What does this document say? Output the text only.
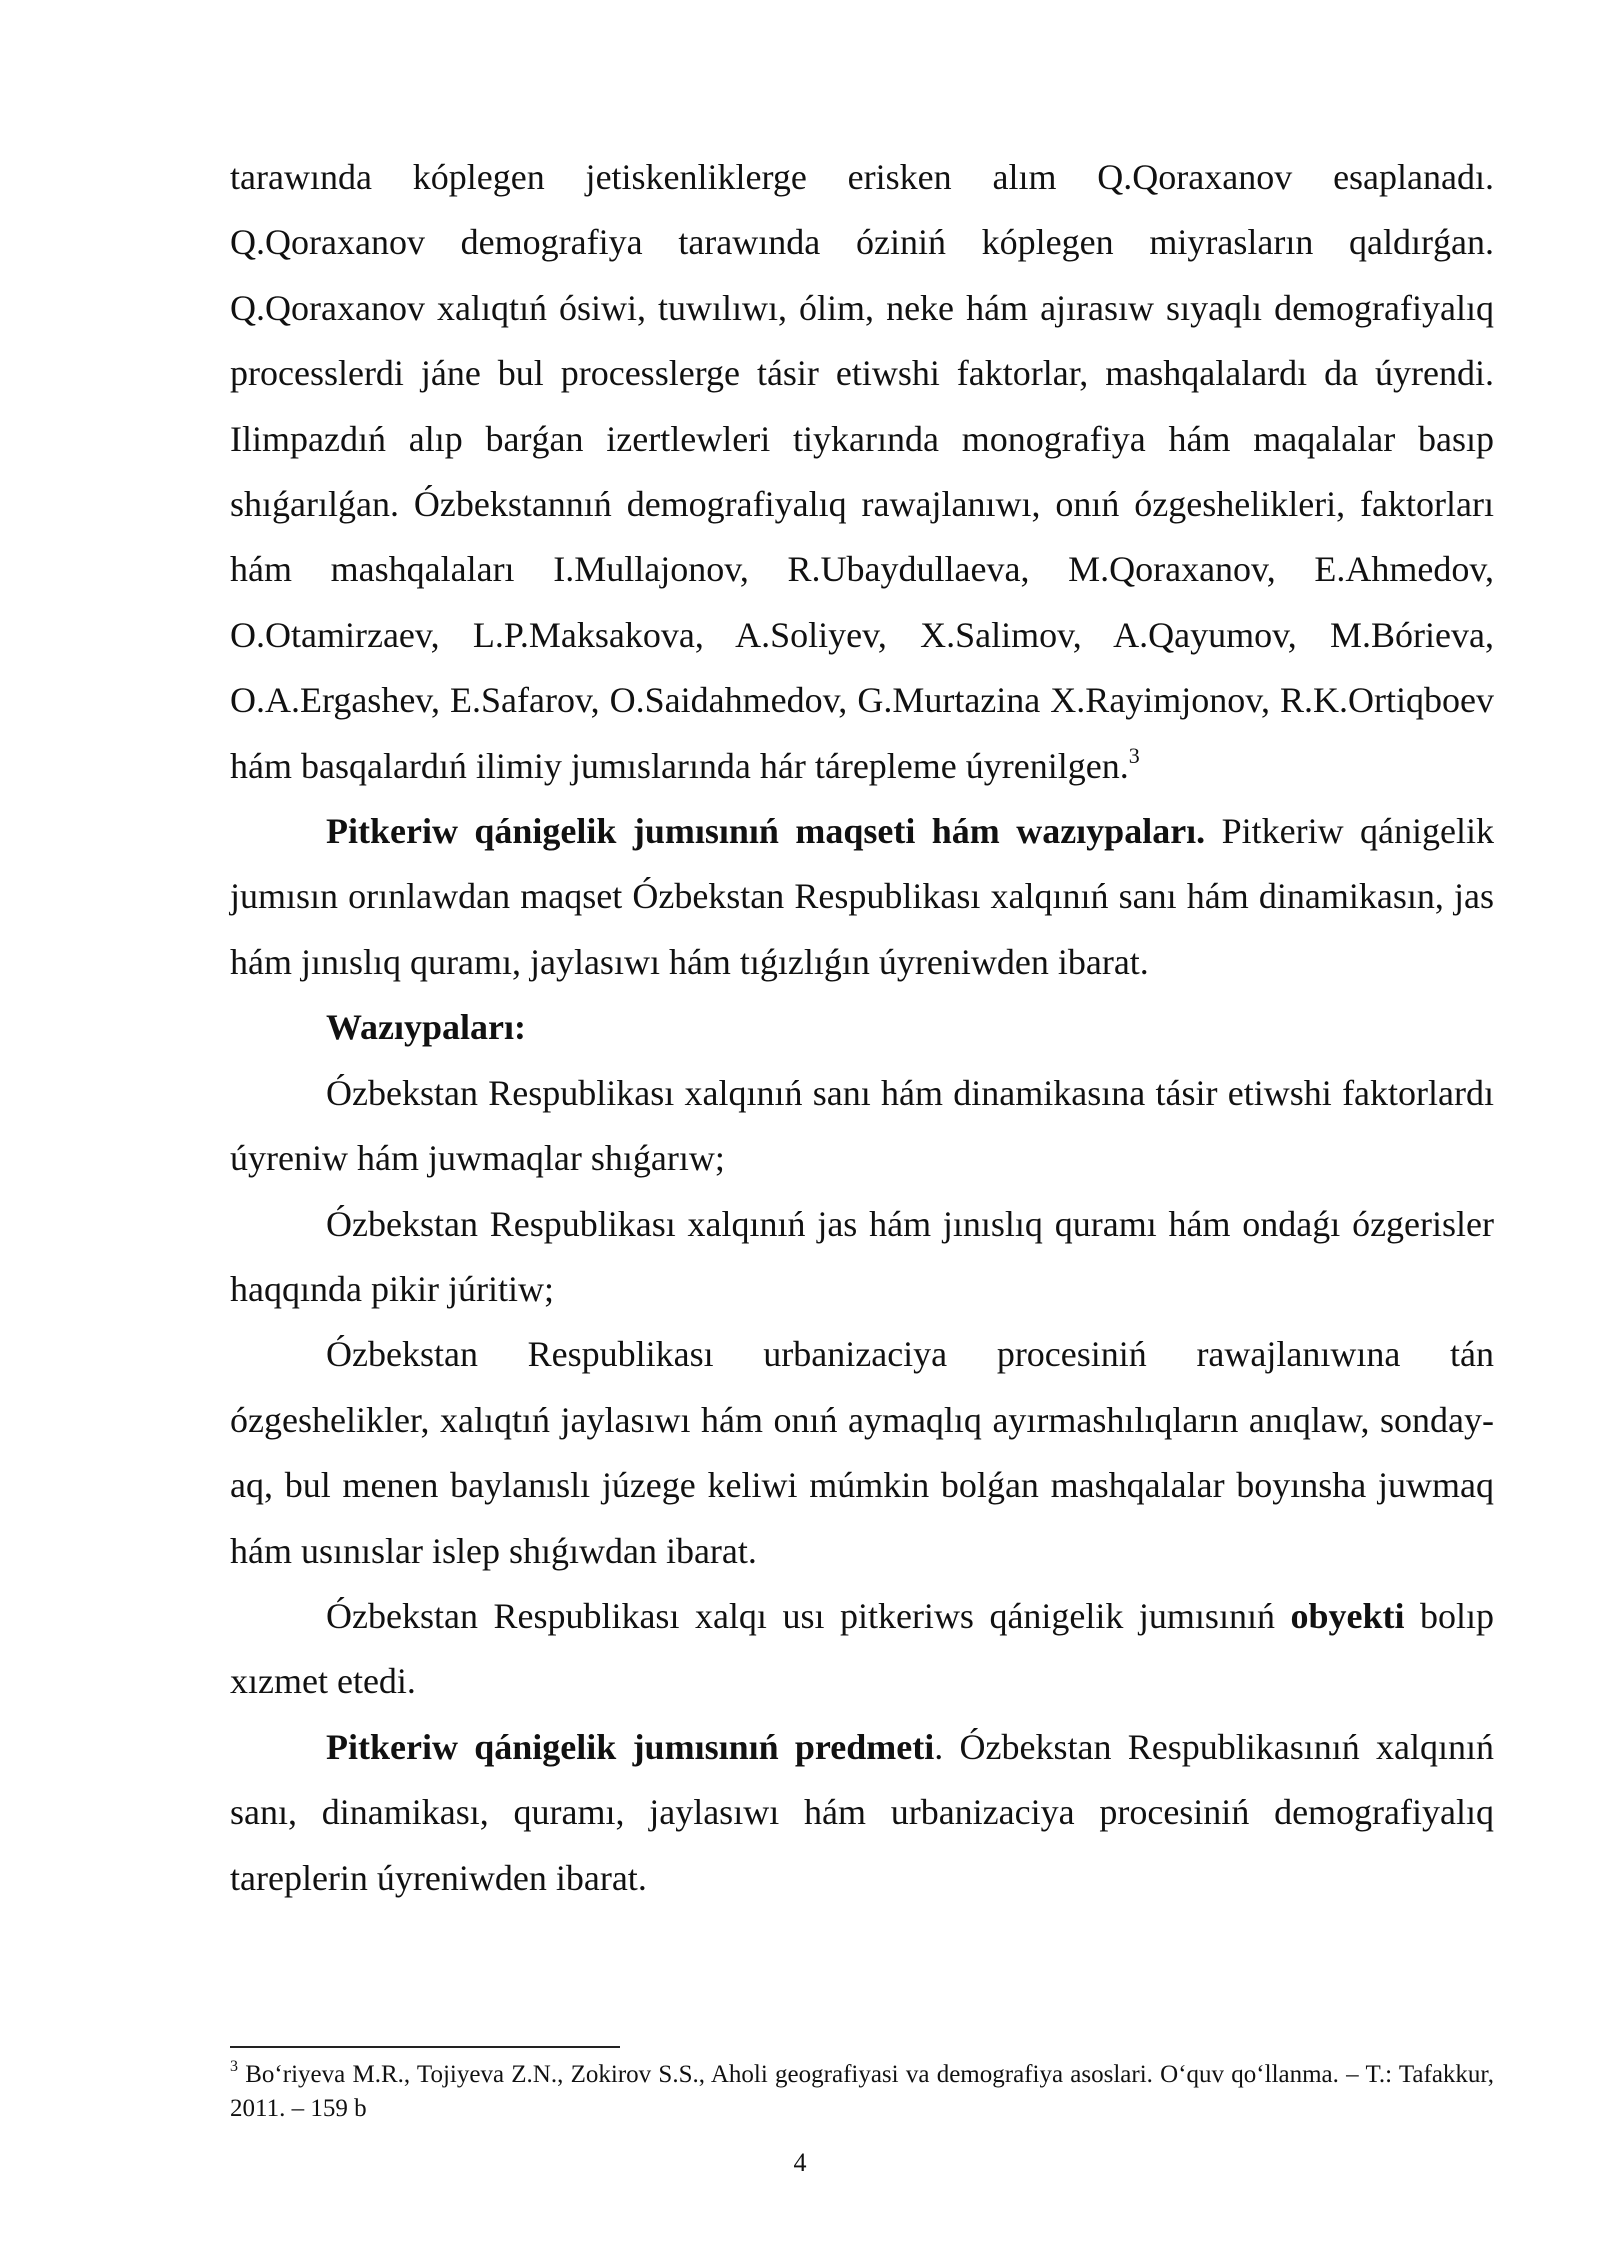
tarawında kóplegen jetiskenliklerge erisken alım Q.Qoraxanov esaplanadı. Q.Qoraxanov demografiya tarawında óziniń kóplegen miyrasların qaldırǵan. Q.Qoraxanov xalıqtıń ósiwi, tuwılıwı, ólim, neke hám ajırasıw sıyaqlı demografiyalıq processlerdi jáne bul processlerge tásir etiwshi faktorlar, mashqalalardı da úyrendi. Ilimpazdıń alıp barǵan izertlewleri tiykarında monografiya hám maqalalar basıp shıǵarılǵan. Ózbekstannıń demografiyalıq rawajlanıwı, onıń ózgeshelikleri, faktorları hám mashqalaları I.Mullajonov, R.Ubaydullaeva, M.Qoraxanov, E.Ahmedov, O.Otamirzaev, L.P.Maksakova, A.Soliyev, X.Salimov, A.Qayumov, M.Bórieva, O.A.Ergashev, E.Safarov, O.Saidahmedov, G.Murtazina X.Rayimjonov, R.K.Ortiqboev hám basqalardıń ilimiy jumıslarında hár tárepleme úyrenilgen.$^3$

Pitkeriw qánigelik jumısınıń maqseti hám wazıypaları. Pitkeriw qánigelik jumısın orınlawdan maqset Ózbekstan Respublikası xalqınıń sanı hám dinamikasın, jas hám jınıslıq quramı, jaylasıwı hám tıǵızlıǵın úyreniwden ibarat.

Wazıypaları:

Ózbekstan Respublikası xalqınıń sanı hám dinamikasına tásir etiwshi faktorlardı úyreniw hám juwmaqlar shıǵarıw;

Ózbekstan Respublikası xalqınıń jas hám jınıslıq quramı hám ondaǵı ózgerisler haqqında pikir júritiw;

Ózbekstan Respublikası urbanizaciya procesiniń rawajlanıwına tán ózgeshelikler, xalıqtıń jaylasıwı hám onıń aymaqlıq ayırmashılıqların anıqlaw, sonday-aq, bul menen baylanıslı júzege keliwi múmkin bolǵan mashqalalar boyınsha juwmaq hám usınıslar islep shıǵıwdan ibarat.

Ózbekstan Respublikası xalqı usı pitkeriws qánigelik jumısınıń obyekti bolıp xızmet etedi.

Pitkeriw qánigelik jumısınıń predmeti. Ózbekstan Respublikasınıń xalqınıń sanı, dinamikası, quramı, jaylasıwı hám urbanizaciya procesiniń demografiyalıq tareplerin úyreniwden ibarat.

$^3$ Bo‘riyeva M.R., Tojiyeva Z.N., Zokirov S.S., Aholi geografiyasi va demografiya asoslari. O‘quv qo‘llanma. – T.: Tafakkur, 2011. – 159 b
4
